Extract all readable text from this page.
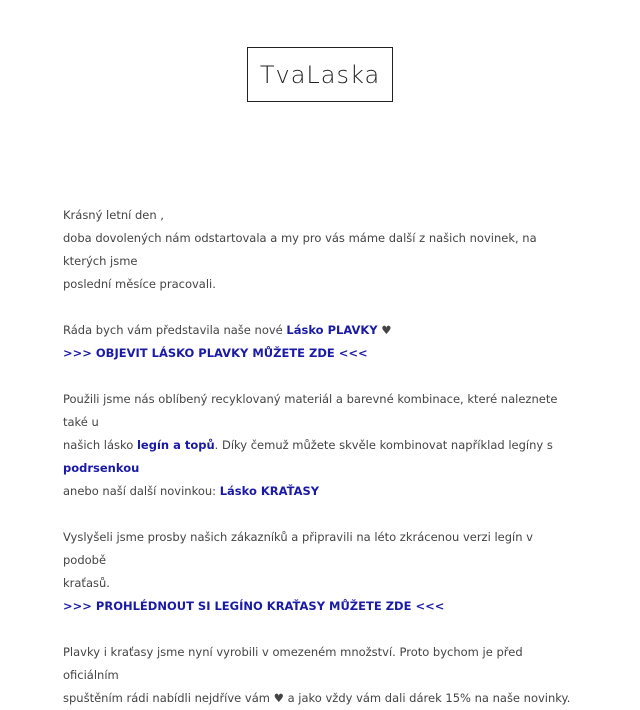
TvaLaska

Krásný letní den ,

doba dovolených nám odstartovala a my pro vás máme další z našich novinek, na kterých jsme

poslední měsíce pracovali.

Ráda bych vám představila naše nové Lásko PLAVKY ♥

>>> OBJEVIT LÁSKO PLAVKY MŮŽETE ZDE <<<

Použili jsme nás oblíbený recyklovaný materiál a barevné kombinace, které naleznete také u

našich lásko legín a topů. Díky čemuž můžete skvěle kombinovat například legíny s podrsenkou

anebo naší další novinkou: Lásko KRAŤASY

Vyslyšeli jsme prosby našich zákazníků a připravili na léto zkrácenou verzi legín v podobě

kraťasů.

>>> PROHLÉDNOUT SI LEGÍNO KRAŤASY MŮŽETE ZDE <<<

Plavky i kraťasy jsme nyní vyrobili v omezeném množství. Proto bychom je před oficiálním

spuštěním rádi nabídli nejdříve vám ♥ a jako vždy vám dali dárek 15% na naše novinky.
